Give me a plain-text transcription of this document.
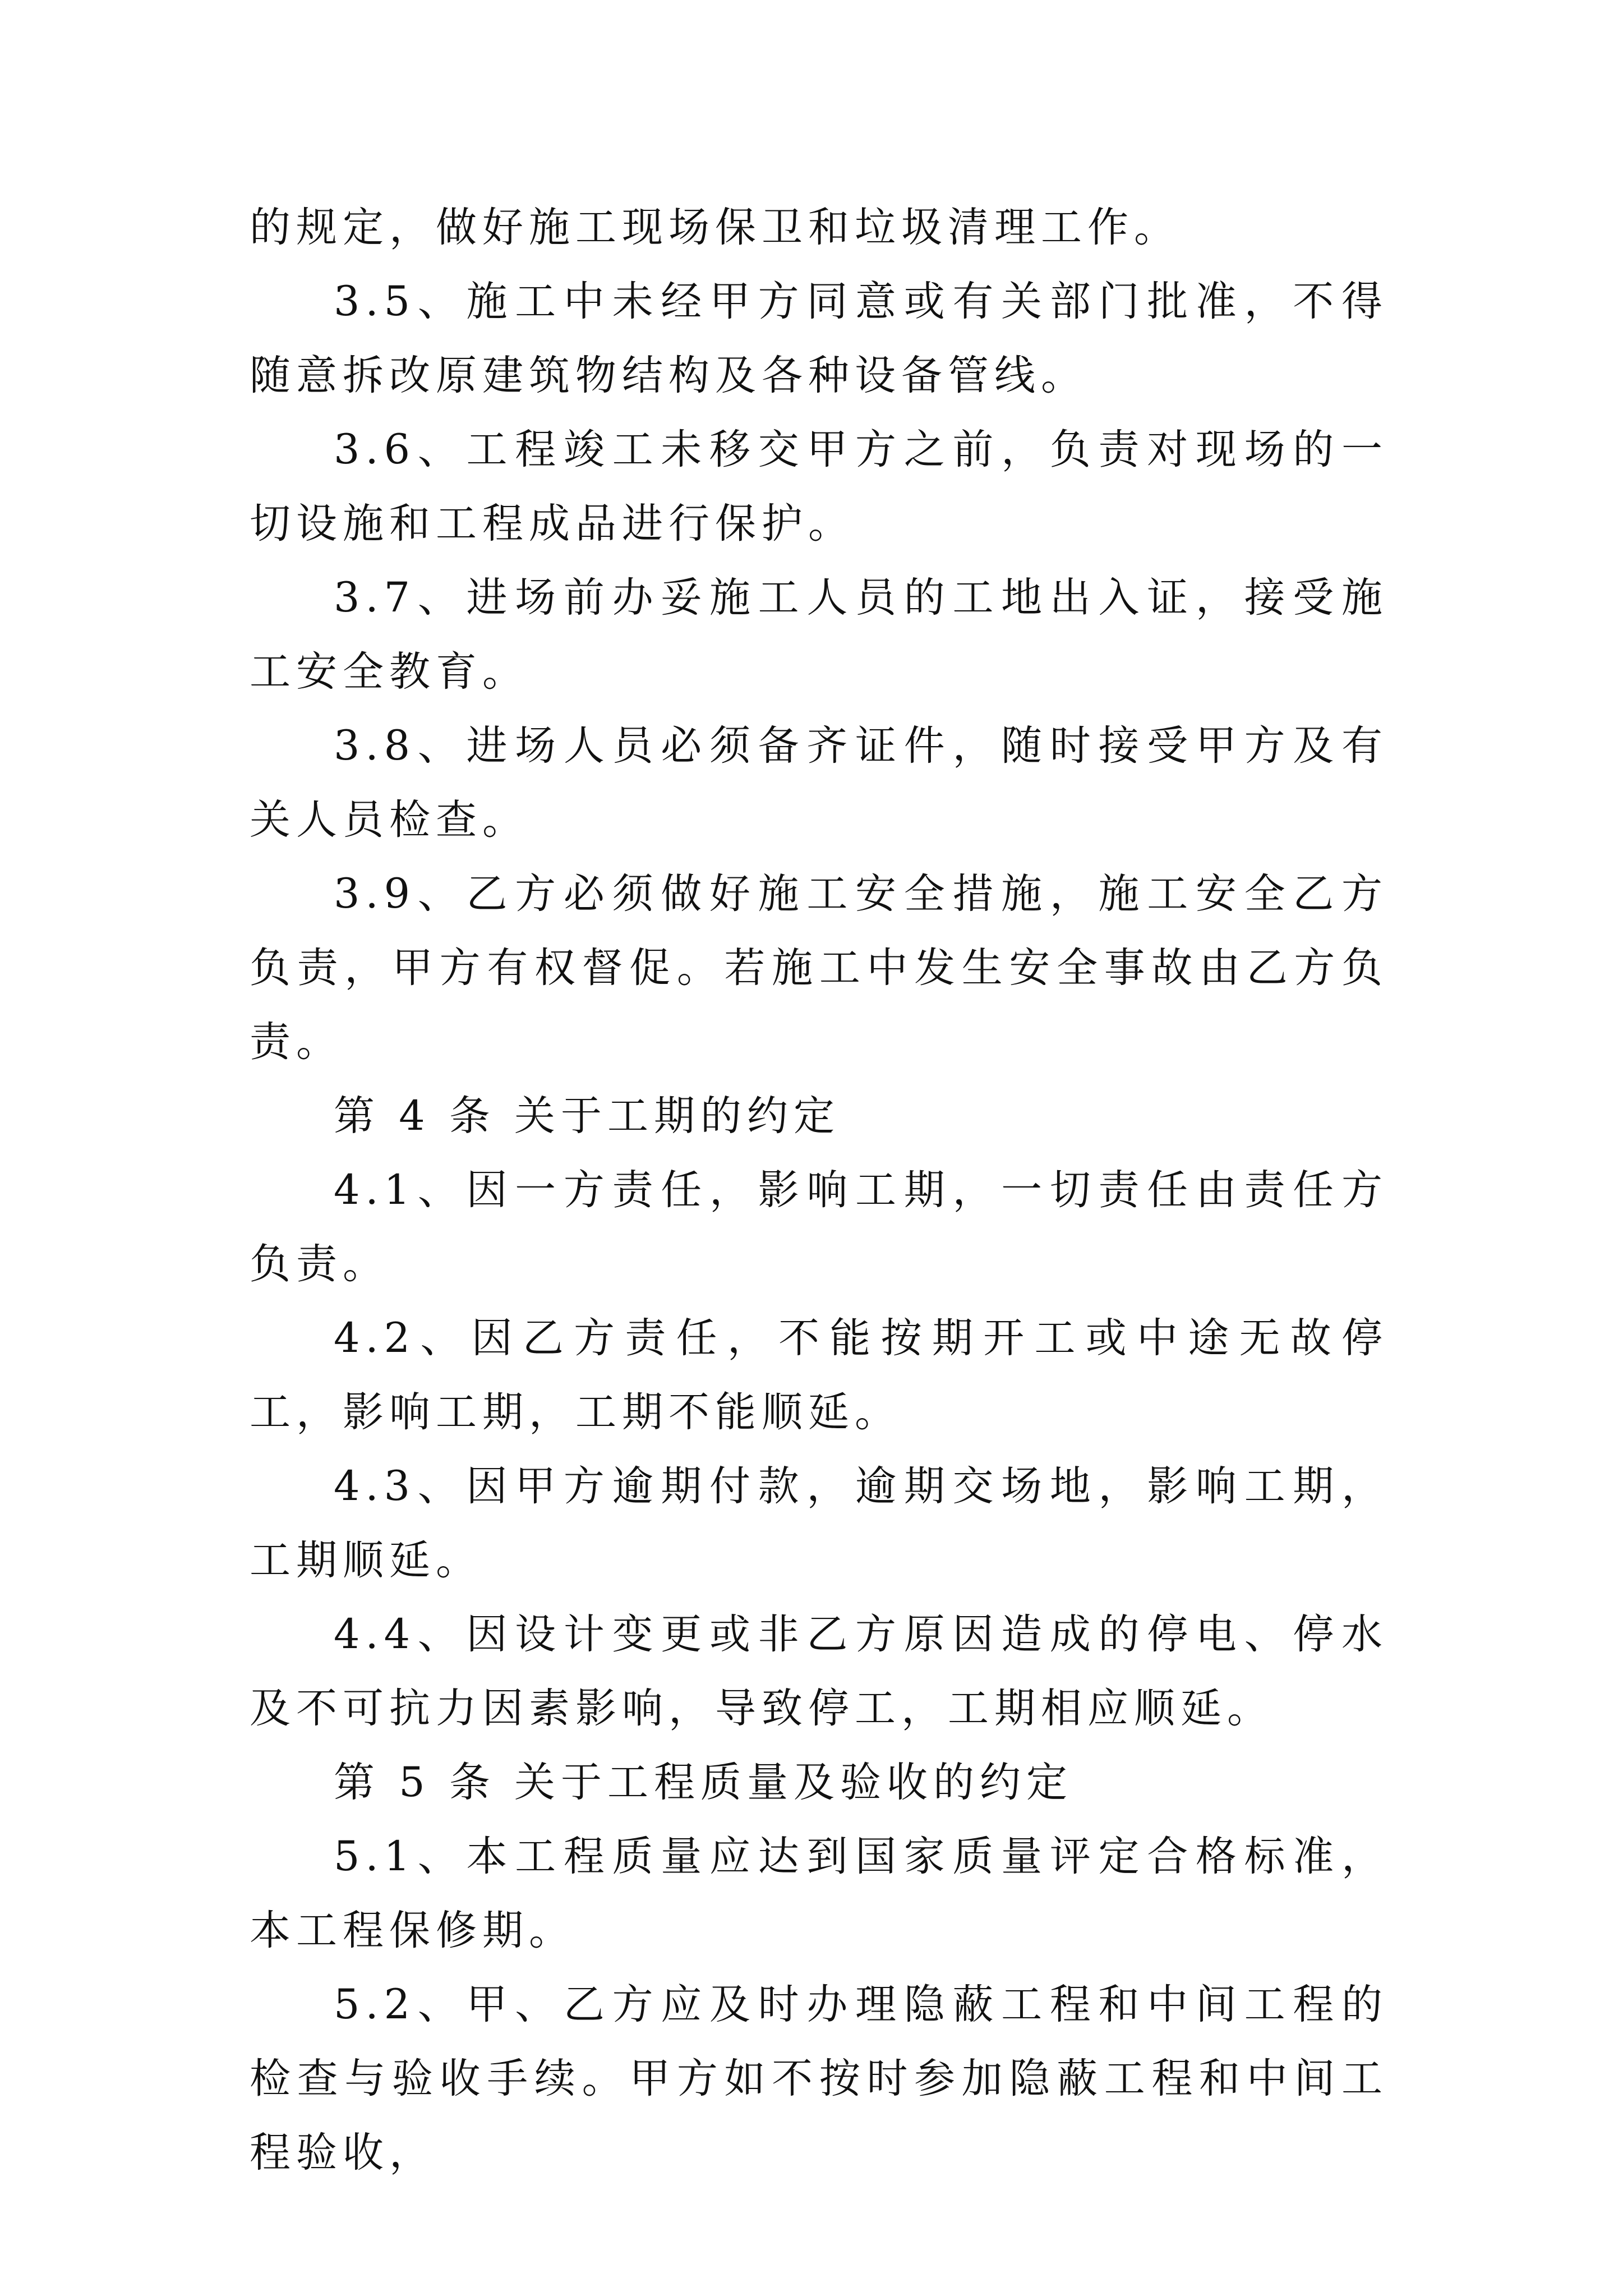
的规定，做好施工现场保卫和垃圾清理工作。

3.5、施工中未经甲方同意或有关部门批准，不得随意拆改原建筑物结构及各种设备管线。

3.6、工程竣工未移交甲方之前，负责对现场的一切设施和工程成品进行保护。

3.7、进场前办妥施工人员的工地出入证，接受施工安全教育。

3.8、进场人员必须备齐证件，随时接受甲方及有关人员检查。

3.9、乙方必须做好施工安全措施，施工安全乙方负责，甲方有权督促。若施工中发生安全事故由乙方负责。

第 4 条 关于工期的约定

4.1、因一方责任，影响工期，一切责任由责任方负责。

4.2、因乙方责任，不能按期开工或中途无故停工，影响工期，工期不能顺延。

4.3、因甲方逾期付款，逾期交场地，影响工期，工期顺延。

4.4、因设计变更或非乙方原因造成的停电、停水及不可抗力因素影响，导致停工，工期相应顺延。

第 5 条 关于工程质量及验收的约定

5.1、本工程质量应达到国家质量评定合格标准，本工程保修期。

5.2、甲、乙方应及时办理隐蔽工程和中间工程的检查与验收手续。甲方如不按时参加隐蔽工程和中间工程验收，
